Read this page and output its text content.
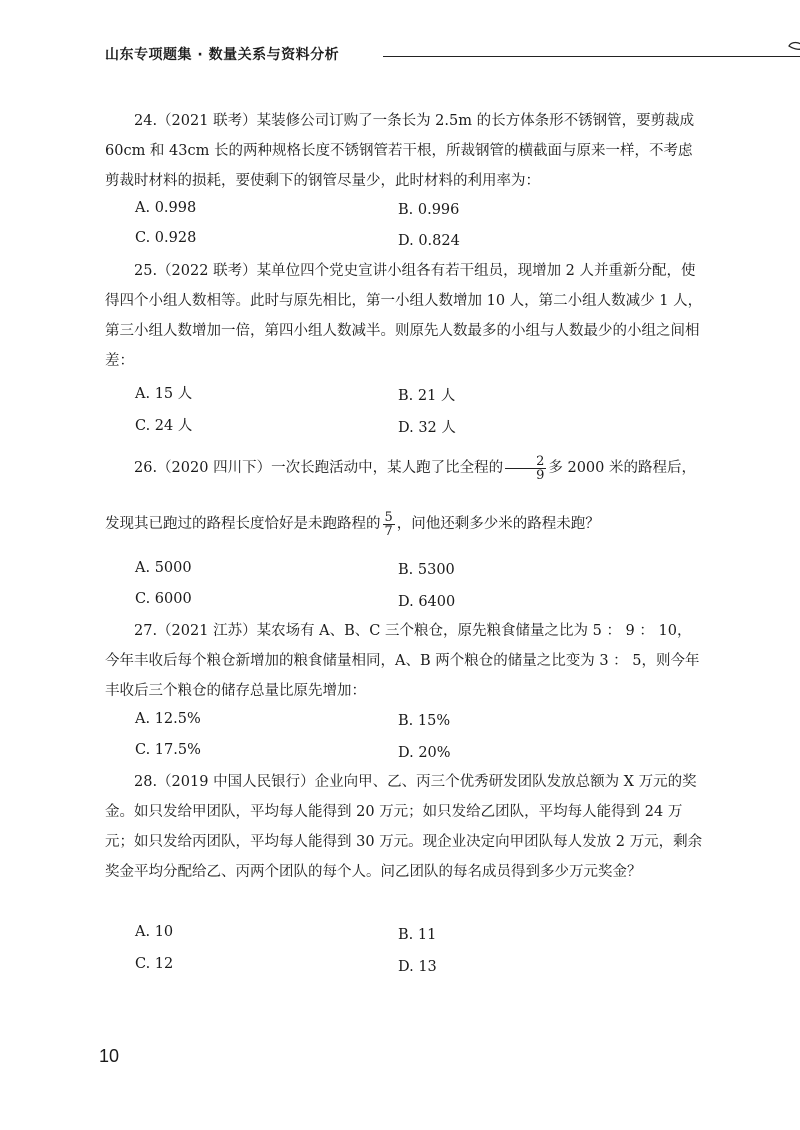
山东专项题集 · 数量关系与资料分析

24.（2021 联考）某装修公司订购了一条长为 2.5m 的长方体条形不锈钢管，要剪裁成 60cm 和 43cm 长的两种规格长度不锈钢管若干根，所裁钢管的横截面与原来一样，不考虑剪裁时材料的损耗，要使剩下的钢管尽量少，此时材料的利用率为：

A. 0.998	B. 0.996
C. 0.928	D. 0.824

25.（2022 联考）某单位四个党史宣讲小组各有若干组员，现增加 2 人并重新分配，使得四个小组人数相等。此时与原先相比，第一小组人数增加 10 人，第二小组人数减少 1 人，第三小组人数增加一倍，第四小组人数减半。则原先人数最多的小组与人数最少的小组之间相差：

A. 15 人	B. 21 人
C. 24 人	D. 32 人

26.（2020 四川下）一次长跑活动中，某人跑了比全程的 $\frac{2}{9}$ 多 2000 米的路程后，

发现其已跑过的路程长度恰好是未跑路程的 $\frac{5}{7}$ ，问他还剩多少米的路程未跑？

A. 5000	B. 5300
C. 6000	D. 6400

27.（2021 江苏）某农场有 A、B、C 三个粮仓，原先粮食储量之比为 5 ： 9 ： 10，今年丰收后每个粮仓新增加的粮食储量相同，A、B 两个粮仓的储量之比变为 3 ： 5，则今年丰收后三个粮仓的储存总量比原先增加：

A. 12.5%	B. 15%
C. 17.5%	D. 20%

28.（2019 中国人民银行）企业向甲、乙、丙三个优秀研发团队发放总额为 X 万元的奖金。如只发给甲团队，平均每人能得到 20 万元；如只发给乙团队，平均每人能得到 24 万元；如只发给丙团队，平均每人能得到 30 万元。现企业决定向甲团队每人发放 2 万元，剩余奖金平均分配给乙、丙两个团队的每个人。问乙团队的每名成员得到多少万元奖金？

A. 10	B. 11
C. 12	D. 13
10
